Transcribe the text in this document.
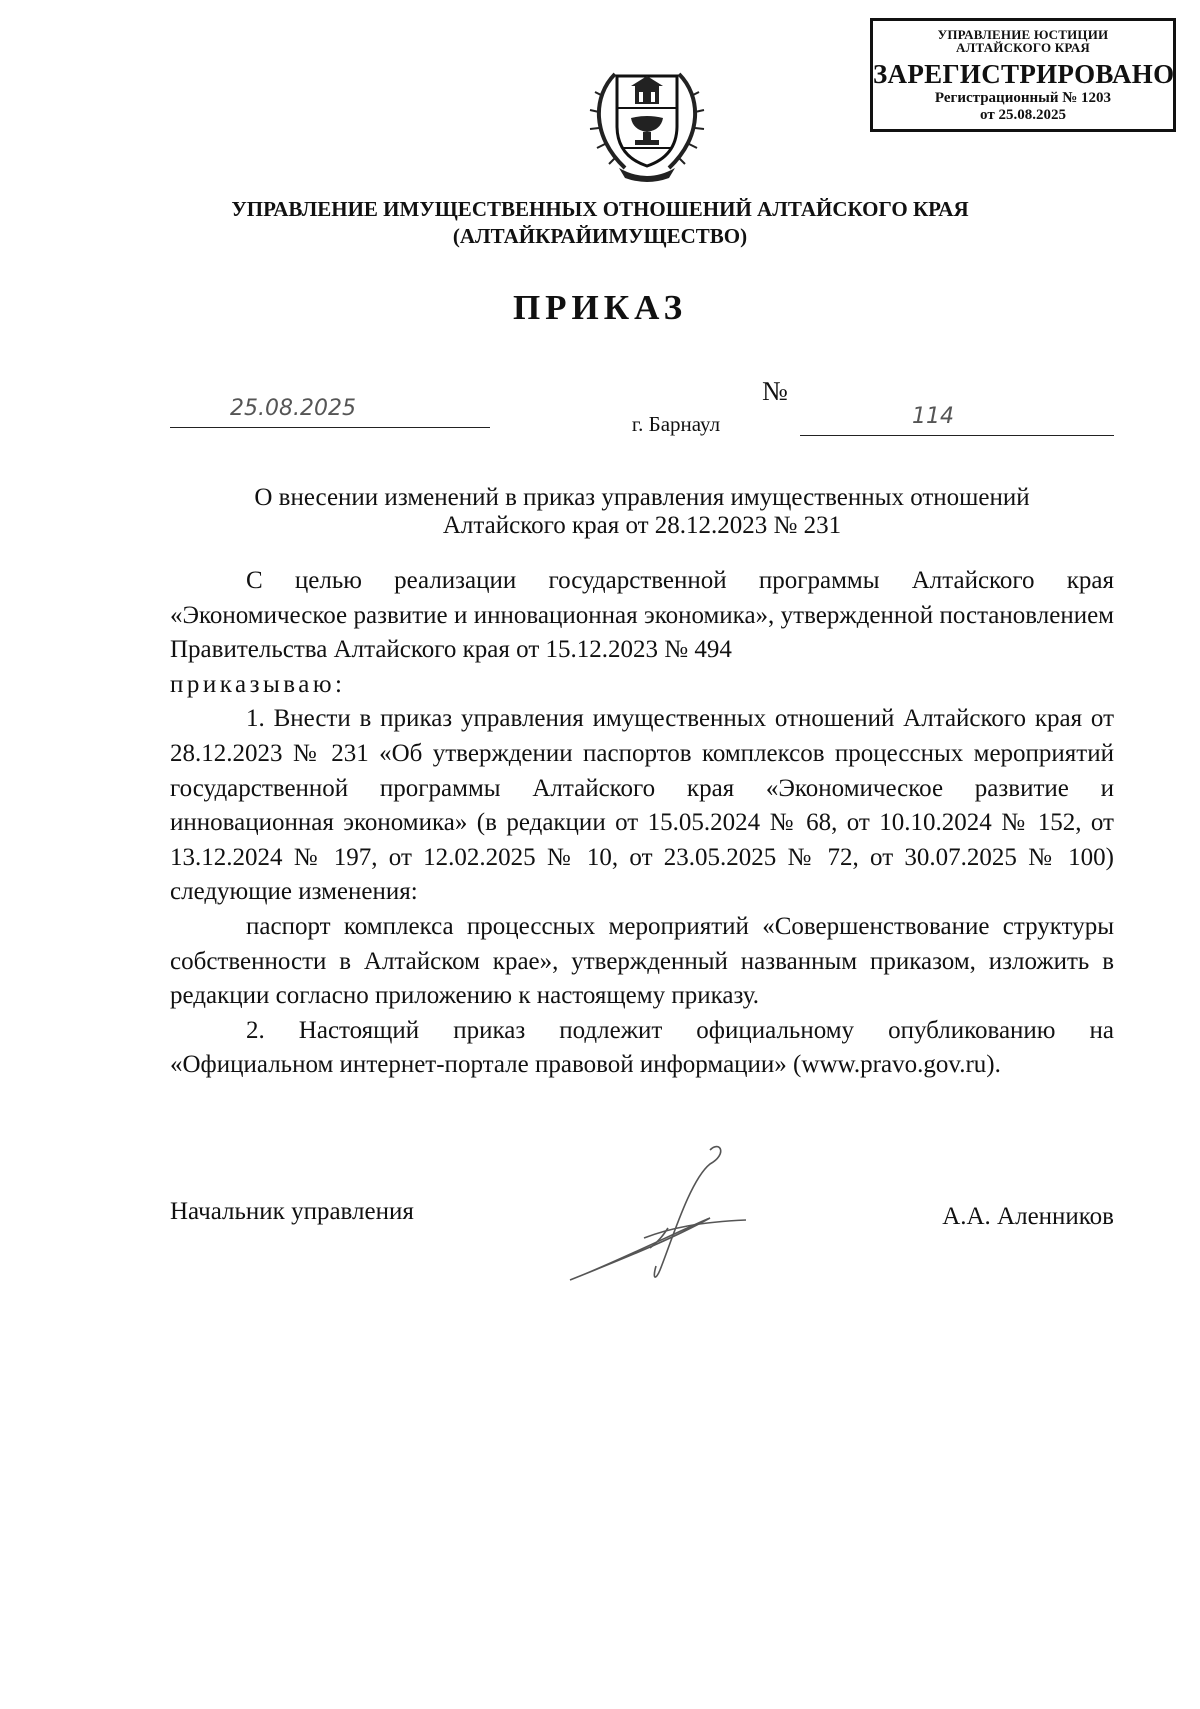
УПРАВЛЕНИЕ ЮСТИЦИИ
АЛТАЙСКОГО КРАЯ
ЗАРЕГИСТРИРОВАНО
Регистрационный № 1203
от 25.08.2025
УПРАВЛЕНИЕ ИМУЩЕСТВЕННЫХ ОТНОШЕНИЙ АЛТАЙСКОГО КРАЯ
(АЛТАЙКРАЙИМУЩЕСТВО)
ПРИКАЗ
25.08.2025
№
114
г. Барнаул
О внесении изменений в приказ управления имущественных отношений
Алтайского края от 28.12.2023 № 231

С целью реализации государственной программы Алтайского края «Экономическое развитие и инновационная экономика», утвержденной постановлением Правительства Алтайского края от 15.12.2023 № 494

приказываю:

1. Внести в приказ управления имущественных отношений Алтайского края от 28.12.2023 № 231 «Об утверждении паспортов комплексов процессных мероприятий государственной программы Алтайского края «Экономическое развитие и инновационная экономика» (в редакции от 15.05.2024 № 68, от 10.10.2024 № 152, от 13.12.2024 № 197, от 12.02.2025 № 10, от 23.05.2025 № 72, от 30.07.2025 № 100) следующие изменения:

паспорт комплекса процессных мероприятий «Совершенствование структуры собственности в Алтайском крае», утвержденный названным приказом, изложить в редакции согласно приложению к настоящему приказу.

2. Настоящий приказ подлежит официальному опубликованию на «Официальном интернет-портале правовой информации» (www.pravo.gov.ru).

Начальник управления	А.А. Аленников
